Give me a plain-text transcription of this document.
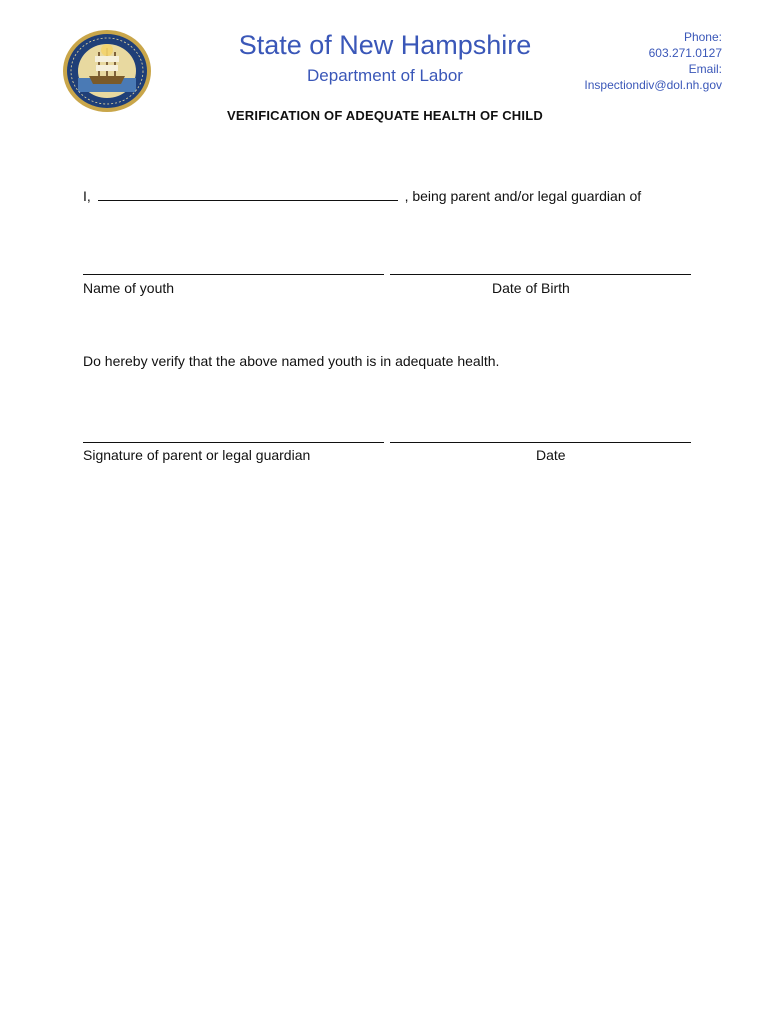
State of New Hampshire
Department of Labor
Phone:
603.271.0127
Email:
Inspectiondiv@dol.nh.gov
VERIFICATION OF ADEQUATE HEALTH OF CHILD
I,	, being parent and/or legal guardian of
Name of youth	Date of Birth
Do hereby verify that the above named youth is in adequate health.
Signature of parent or legal guardian	Date
